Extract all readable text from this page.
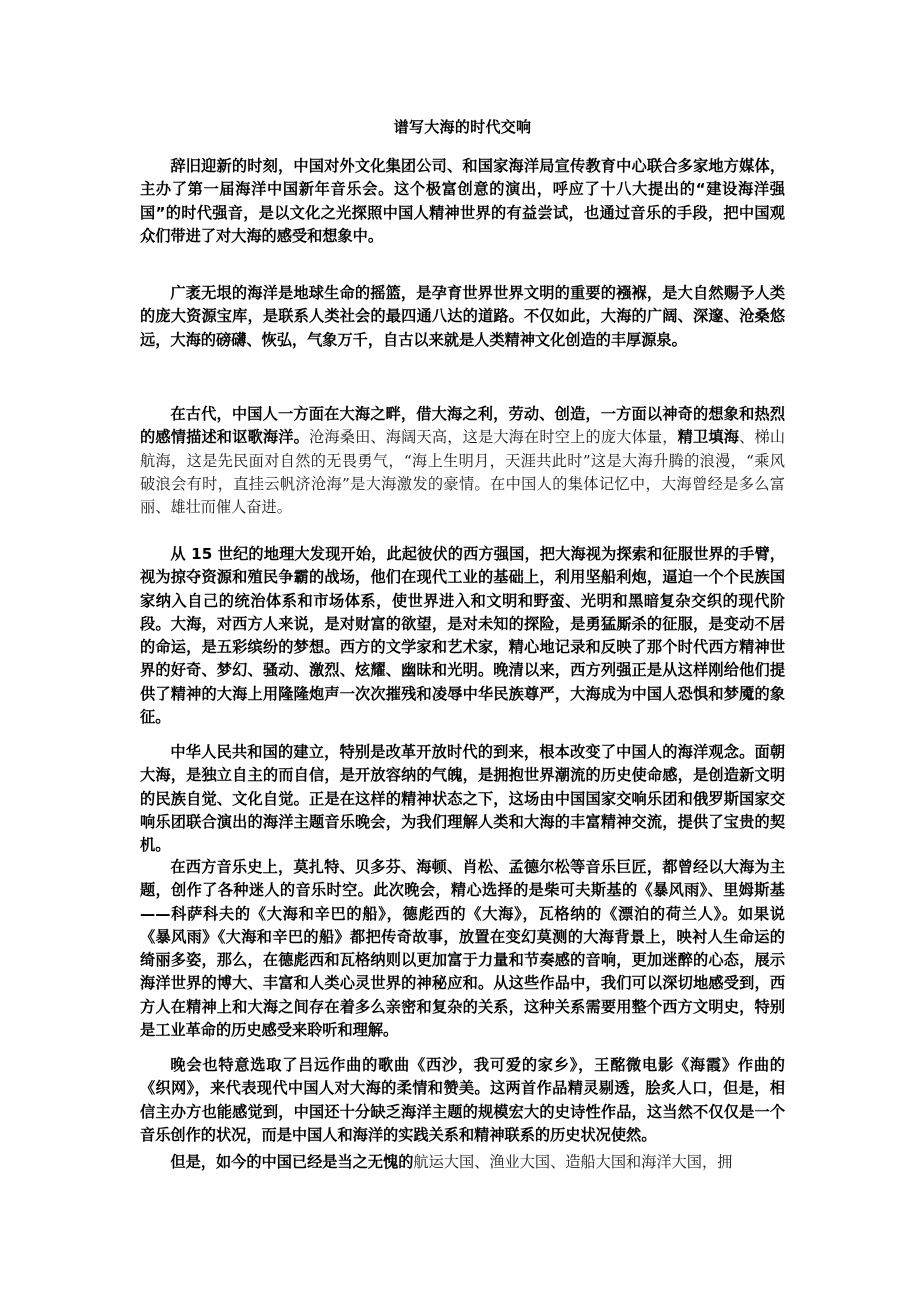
谱写大海的时代交响
辞旧迎新的时刻，中国对外文化集团公司、和国家海洋局宣传教育中心联合多家地方媒体，主办了第一届海洋中国新年音乐会。这个极富创意的演出，呼应了十八大提出的“建设海洋强国”的时代强音，是以文化之光探照中国人精神世界的有益尝试，也通过音乐的手段，把中国观众们带进了对大海的感受和想象中。
广袤无垠的海洋是地球生命的摇篮，是孕育世界世界文明的重要的襁褓，是大自然赐予人类的庞大资源宝库，是联系人类社会的最四通八达的道路。不仅如此，大海的广阔、深邃、沧桑悠远，大海的磅礴、恢弘，气象万千，自古以来就是人类精神文化创造的丰厚源泉。
在古代，中国人一方面在大海之畔，借大海之利，劳动、创造，一方面以神奇的想象和热烈的感情描述和讴歌海洋。沧海桑田、海阔天高，这是大海在时空上的庞大体量，精卫填海、梯山航海，这是先民面对自然的无畏勇气，“海上生明月，天涯共此时”这是大海升腾的浪漫，“乘风破浪会有时，直挂云帆济沧海”是大海激发的豪情。在中国人的集体记忆中，大海曾经是多么富丽、雄壮而催人奋进。
从 15 世纪的地理大发现开始，此起彼伏的西方强国，把大海视为探索和征服世界的手臂，视为掠夺资源和殖民争霸的战场，他们在现代工业的基础上，利用坚船利炮，逼迫一个个民族国家纳入自己的统治体系和市场体系，使世界进入和文明和野蛮、光明和黑暗复杂交织的现代阶段。大海，对西方人来说，是对财富的欲望，是对未知的探险，是勇猛厮杀的征服，是变动不居的命运，是五彩缤纷的梦想。西方的文学家和艺术家，精心地记录和反映了那个时代西方精神世界的好奇、梦幻、骚动、激烈、炫耀、幽昧和光明。晚清以来，西方列强正是从这样刚给他们提供了精神的大海上用隆隆炮声一次次摧残和凌辱中华民族尊严，大海成为中国人恐惧和梦魇的象征。
中华人民共和国的建立，特别是改革开放时代的到来，根本改变了中国人的海洋观念。面朝大海，是独立自主的而自信，是开放容纳的气魄，是拥抱世界潮流的历史使命感，是创造新文明的民族自觉、文化自觉。正是在这样的精神状态之下，这场由中国国家交响乐团和俄罗斯国家交响乐团联合演出的海洋主题音乐晚会，为我们理解人类和大海的丰富精神交流，提供了宝贵的契机。
在西方音乐史上，莫扎特、贝多芬、海顿、肖松、孟德尔松等音乐巨匠，都曾经以大海为主题，创作了各种迷人的音乐时空。此次晚会，精心选择的是柴可夫斯基的《暴风雨》、里姆斯基——科萨科夫的《大海和辛巴的船》，德彪西的《大海》，瓦格纳的《漂泊的荷兰人》。如果说《暴风雨》《大海和辛巴的船》都把传奇故事，放置在变幻莫测的大海背景上，映衬人生命运的绮丽多姿，那么，在德彪西和瓦格纳则以更加富于力量和节奏感的音响，更加迷醉的心态，展示海洋世界的博大、丰富和人类心灵世界的神秘应和。从这些作品中，我们可以深切地感受到，西方人在精神上和大海之间存在着多么亲密和复杂的关系，这种关系需要用整个西方文明史，特别是工业革命的历史感受来聆听和理解。
晚会也特意选取了吕远作曲的歌曲《西沙，我可爱的家乡》，王酩微电影《海霞》作曲的《织网》，来代表现代中国人对大海的柔情和赞美。这两首作品精灵剔透，脍炙人口，但是，相信主办方也能感觉到，中国还十分缺乏海洋主题的规模宏大的史诗性作品，这当然不仅仅是一个音乐创作的状况，而是中国人和海洋的实践关系和精神联系的历史状况使然。
但是，如今的中国已经是当之无愧的航运大国、渔业大国、造船大国和海洋大国，拥
